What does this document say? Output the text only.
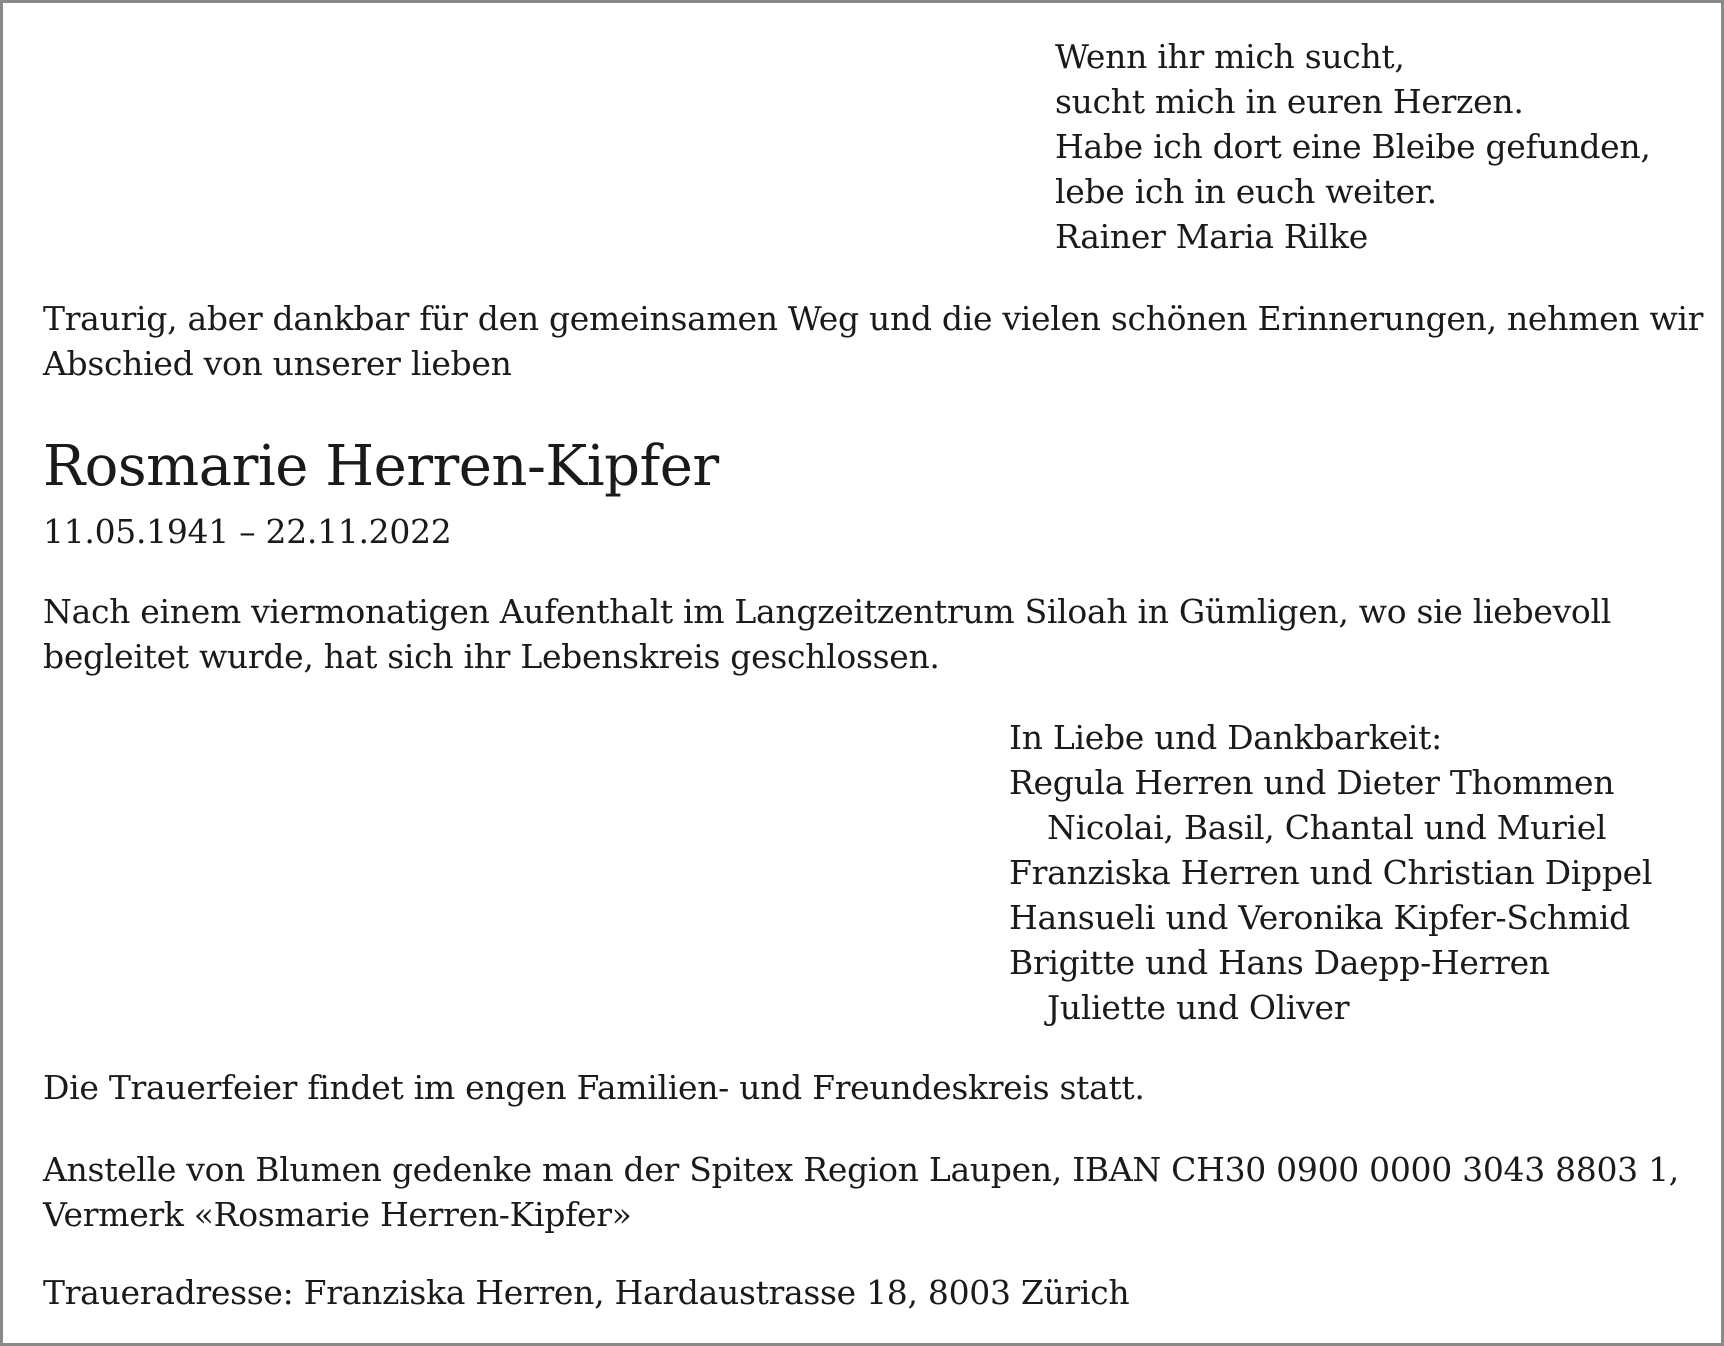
Wenn ihr mich sucht,

sucht mich in euren Herzen.

Habe ich dort eine Bleibe gefunden,

lebe ich in euch weiter.

Rainer Maria Rilke

Traurig, aber dankbar für den gemeinsamen Weg und die vielen schönen Erinnerungen, nehmen wir

Abschied von unserer lieben

Rosmarie Herren-Kipfer

11.05.1941 – 22.11.2022

Nach einem viermonatigen Aufenthalt im Langzeitzentrum Siloah in Gümligen, wo sie liebevoll

begleitet wurde, hat sich ihr Lebenskreis geschlossen.

In Liebe und Dankbarkeit:

Regula Herren und Dieter Thommen

Nicolai, Basil, Chantal und Muriel

Franziska Herren und Christian Dippel

Hansueli und Veronika Kipfer-Schmid

Brigitte und Hans Daepp-Herren

Juliette und Oliver

Die Trauerfeier findet im engen Familien- und Freundeskreis statt.

Anstelle von Blumen gedenke man der Spitex Region Laupen, IBAN CH30 0900 0000 3043 8803 1,

Vermerk «Rosmarie Herren-Kipfer»

Traueradresse: Franziska Herren, Hardaustrasse 18, 8003 Zürich
